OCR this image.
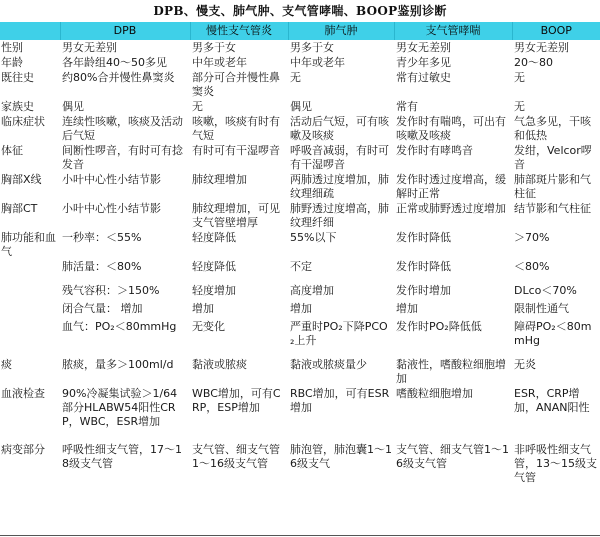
DPB、慢支、肺气肿、支气管哮喘、BOOP鉴别诊断
	DPB	慢性支气管炎	肺气肿	支气管哮喘	BOOP
性别	男女无差别	男多于女	男多于女	男女无差别	男女无差别
年龄	各年龄组40～50多见	中年或老年	中年或老年	青少年多见	20～80
既往史	约80%合并慢性鼻窦炎	部分可合并慢性鼻窦炎	无	常有过敏史	无
家族史	偶见	无	偶见	常有	无
临床症状	连续性咳嗽，咳痰及活动后气短	咳嗽，咳痰有时有气短	活动后气短，可有咳嗽及咳痰	发作时有喘鸣，可出有咳嗽及咳痰	气急多见，干咳和低热
体征	间断性啰音，有时可有捻发音	有时可有干湿啰音	呼吸音减弱，有时可有干湿啰音	发作时有哮鸣音	发绀，Velcor啰音
胸部X线	小叶中心性小结节影	肺纹理增加	两肺透过度增加，肺纹理细疏	发作时透过度增高，缓解时正常	肺部斑片影和气柱征
胸部CT	小叶中心性小结节影	肺纹理增加，可见支气管壁增厚	肺野透过度增高，肺纹理纤细	正常或肺野透过度增加	结节影和气柱征
肺功能和血气	一秒率：＜55%	轻度降低	55%以下	发作时降低	＞70%
	肺活量：＜80%	轻度降低	不定	发作时降低	＜80%
	残气容积：＞150%	轻度增加	高度增加	发作时增加	DLco＜70%
	闭合气量： 增加	增加	增加	增加	限制性通气
	血气：PO₂＜80mmHg	无变化	严重时PO₂下降PCO₂上升	发作时PO₂降低低	障碍PO₂＜80mmHg
痰	脓痰，量多＞100ml/d	黏液或脓痰	黏液或脓痰量少	黏液性，嗜酸粒细胞增加	无炎
血液检查	90%冷凝集试验＞1/64部分HLABW54阳性CRP，WBC，ESR增加	WBC增加，可有CRP，ESP增加	RBC增加，可有ESR增加	嗜酸粒细胞增加	ESR，CRP增加，ANAN阳性
病变部分	呼吸性细支气管，17～18级支气管	支气管、细支气管1～16级支气管	肺泡管，肺泡囊1～16级支气	支气管、细支气管1～16级支气管	非呼吸性细支气管，13～15级支气管
